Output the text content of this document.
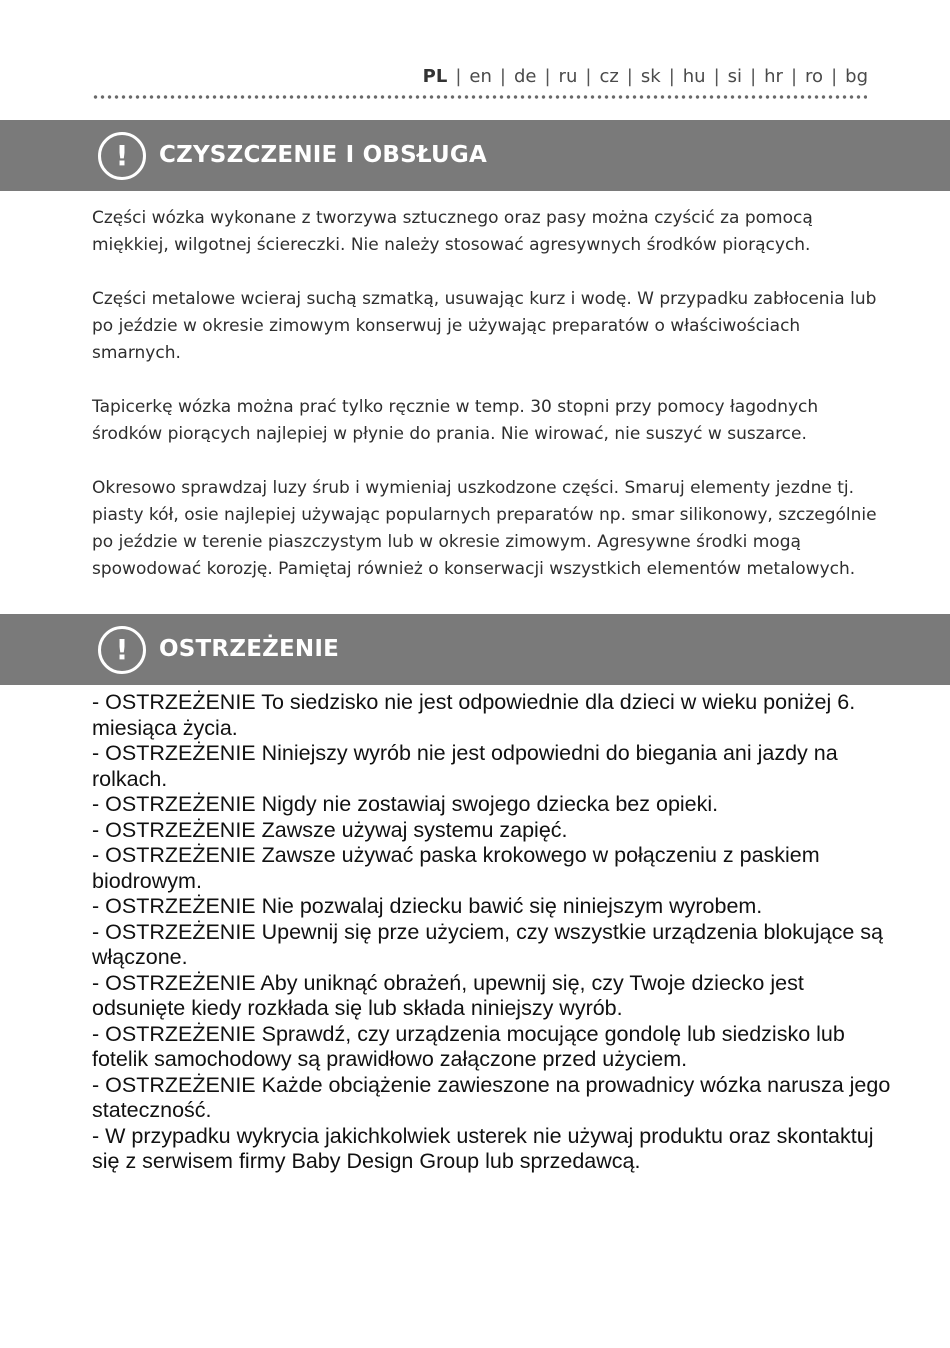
PL | en | de | ru | cz | sk | hu | si | hr | ro | bg
!	CZYSZCZENIE I OBSŁUGA

Części wózka wykonane z tworzywa sztucznego oraz pasy można czyścić za pomocą miękkiej, wilgotnej ściereczki. Nie należy stosować agresywnych środków piorących.

Części metalowe wcieraj suchą szmatką, usuwając kurz i wodę. W przypadku zabłocenia lub po jeździe w okresie zimowym konserwuj je używając preparatów o właściwościach smarnych.

Tapicerkę wózka można prać tylko ręcznie w temp. 30 stopni przy pomocy łagodnych środków piorących najlepiej w płynie do prania. Nie wirować, nie suszyć w suszarce.

Okresowo sprawdzaj luzy śrub i wymieniaj uszkodzone części. Smaruj elementy jezdne tj. piasty kół, osie najlepiej używając popularnych preparatów np. smar silikonowy, szczególnie po jeździe w terenie piaszczystym lub w okresie zimowym. Agresywne środki mogą spowodować korozję. Pamiętaj również o konserwacji wszystkich elementów metalowych.

!	OSTRZEŻENIE

- OSTRZEŻENIE To siedzisko nie jest odpowiednie dla dzieci w wieku poniżej 6. miesiąca życia.

- OSTRZEŻENIE Niniejszy wyrób nie jest odpowiedni do biegania ani jazdy na rolkach.

- OSTRZEŻENIE Nigdy nie zostawiaj swojego dziecka bez opieki.

- OSTRZEŻENIE Zawsze używaj systemu zapięć.

- OSTRZEŻENIE Zawsze używać paska krokowego w połączeniu z paskiem biodrowym.

- OSTRZEŻENIE Nie pozwalaj dziecku bawić się niniejszym wyrobem.

- OSTRZEŻENIE Upewnij się prze użyciem, czy wszystkie urządzenia blokujące są włączone.

- OSTRZEŻENIE Aby uniknąć obrażeń, upewnij się, czy Twoje dziecko jest odsunięte kiedy rozkłada się lub składa niniejszy wyrób.

- OSTRZEŻENIE Sprawdź, czy urządzenia mocujące gondolę lub siedzisko lub fotelik samochodowy są prawidłowo załączone przed użyciem.

- OSTRZEŻENIE Każde obciążenie zawieszone na prowadnicy wózka narusza jego stateczność.

- W przypadku wykrycia jakichkolwiek usterek nie używaj produktu oraz skontaktuj się z serwisem firmy Baby Design Group lub sprzedawcą.
